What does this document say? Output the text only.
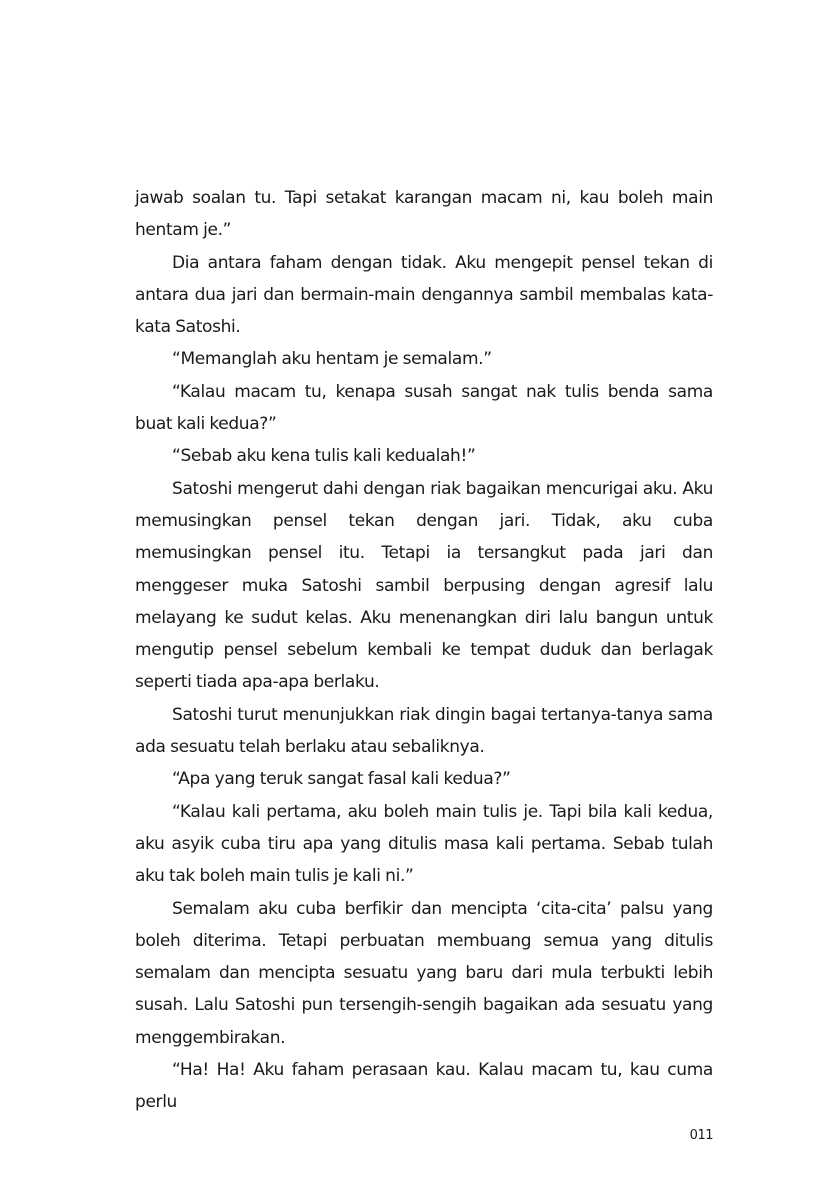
jawab soalan tu. Tapi setakat karangan macam ni, kau boleh main hentam je.”

Dia antara faham dengan tidak. Aku mengepit pensel tekan di antara dua jari dan bermain-main dengannya sambil membalas kata-kata Satoshi.

“Memanglah aku hentam je semalam.”

“Kalau macam tu, kenapa susah sangat nak tulis benda sama buat kali kedua?”

“Sebab aku kena tulis kali kedualah!”

Satoshi mengerut dahi dengan riak bagaikan mencurigai aku. Aku memusingkan pensel tekan dengan jari. Tidak, aku cuba memusingkan pensel itu. Tetapi ia tersangkut pada jari dan menggeser muka Satoshi sambil berpusing dengan agresif lalu melayang ke sudut kelas. Aku menenangkan diri lalu bangun untuk mengutip pensel sebelum kembali ke tempat duduk dan berlagak seperti tiada apa-apa berlaku.

Satoshi turut menunjukkan riak dingin bagai tertanya-tanya sama ada sesuatu telah berlaku atau sebaliknya.

“Apa yang teruk sangat fasal kali kedua?”

“Kalau kali pertama, aku boleh main tulis je. Tapi bila kali kedua, aku asyik cuba tiru apa yang ditulis masa kali pertama. Sebab tulah aku tak boleh main tulis je kali ni.”

Semalam aku cuba berfikir dan mencipta ‘cita-cita’ palsu yang boleh diterima. Tetapi perbuatan membuang semua yang ditulis semalam dan mencipta sesuatu yang baru dari mula terbukti lebih susah. Lalu Satoshi pun tersengih-sengih bagaikan ada sesuatu yang menggembirakan.

“Ha! Ha! Aku faham perasaan kau. Kalau macam tu, kau cuma perlu

011
